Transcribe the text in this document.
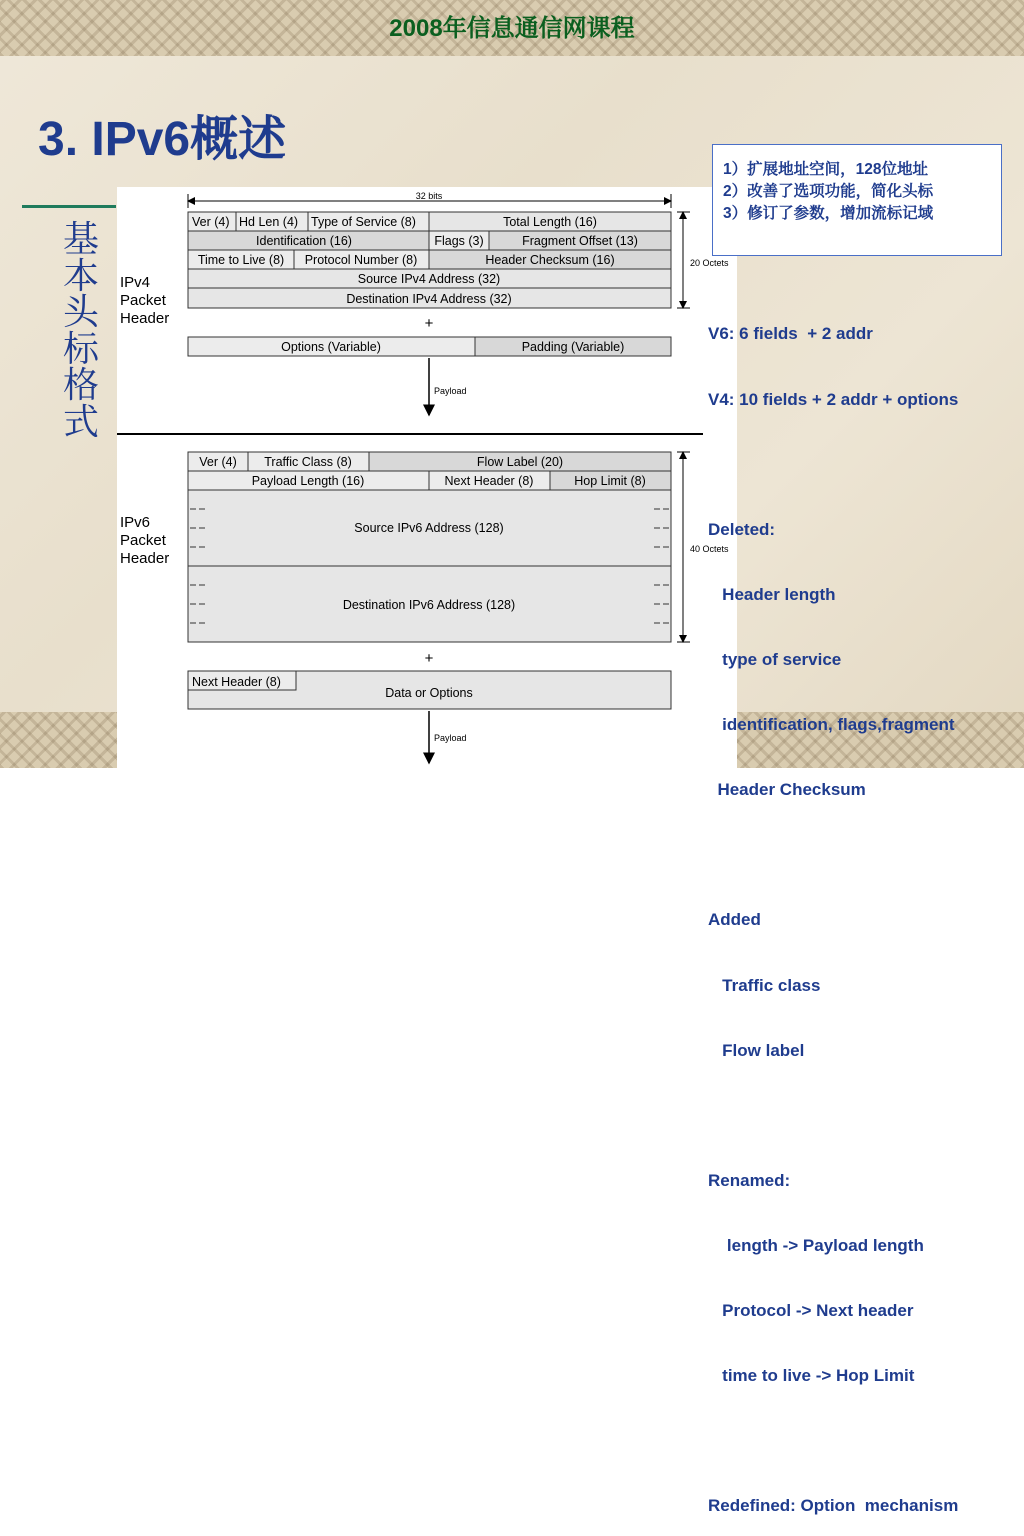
2008年信息通信网课程
3. IPv6概述
基本头标格式
32 bits
20 Octets
40 Octets
IPv4
Packet
Header
Ver (4) Hd Len (4) Type of Service (8)	Total Length (16)
Identification (16)	Flags (3)	Fragment Offset (13)
Time to Live (8) Protocol Number (8)	Header Checksum (16)
Source IPv4 Address (32)
Destination IPv4 Address (32)
+
Options (Variable)	Padding (Variable)
Payload
IPv6
Packet
Header
Ver (4) Traffic Class (8)	Flow Label (20)
Payload Length (16)	Next Header (8)	Hop Limit (8)
Source IPv6 Address (128)
Destination IPv6 Address (128)
+
Next Header (8)
Data or Options
Payload
1）扩展地址空间，128位地址
2）改善了选项功能，简化头标
3）修订了参数，增加流标记域

V6: 6 fields  + 2 addr

V4: 10 fields + 2 addr + options

Deleted:

Header length

type of service

identification, flags,fragment

Header Checksum

Added

Traffic class

Flow label

Renamed:

length -> Payload length

Protocol -> Next header

time to live -> Hop Limit

Redefined: Option  mechanism
